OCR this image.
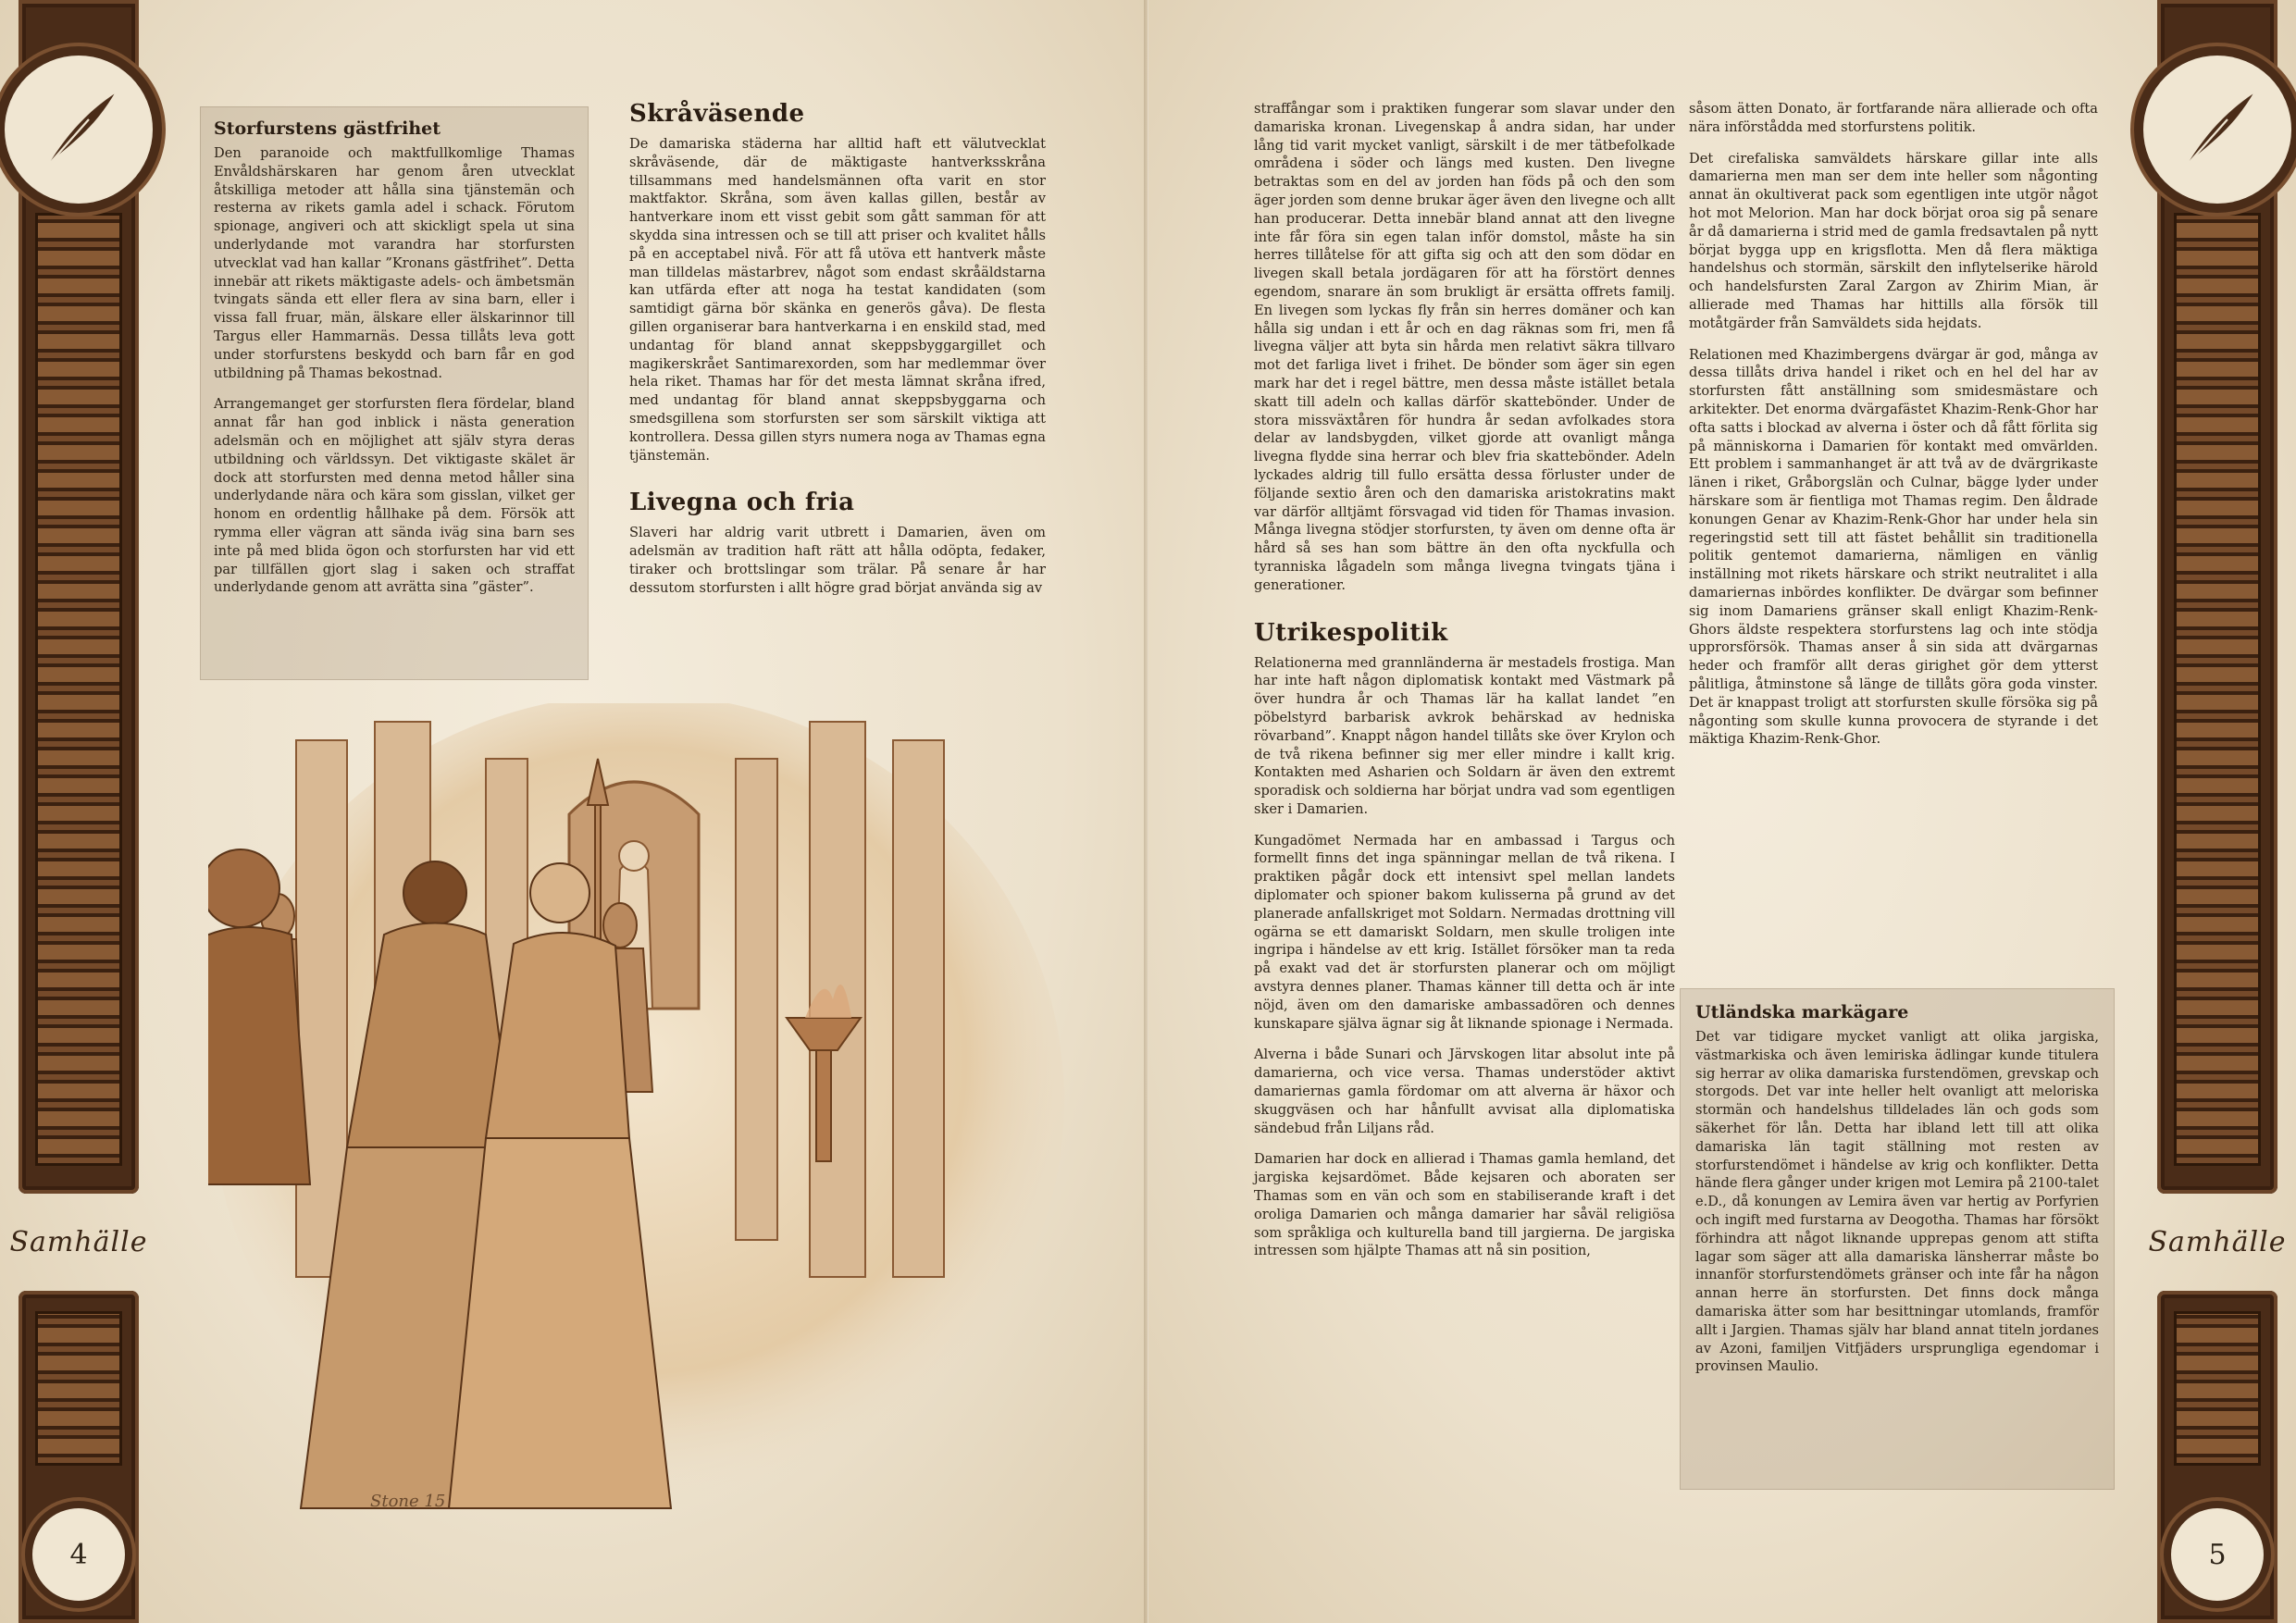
Samhälle
4
Storfurstens gästfrihet

Den paranoide och maktfullkomlige Thamas Envåldshärskaren har genom åren utvecklat åtskilliga metoder att hålla sina tjänstemän och resterna av rikets gamla adel i schack. Förutom spionage, angiveri och att skickligt spela ut sina underlydande mot varandra har storfursten utvecklat vad han kallar ”Kronans gästfrihet”. Detta innebär att rikets mäktigaste adels- och ämbetsmän tvingats sända ett eller flera av sina barn, eller i vissa fall fruar, män, älskare eller älskarinnor till Targus eller Hammarnäs. Dessa tillåts leva gott under storfurstens beskydd och barn får en god utbildning på Thamas bekostnad.

Arrangemanget ger storfursten flera fördelar, bland annat får han god inblick i nästa generation adelsmän och en möjlighet att själv styra deras utbildning och världssyn. Det viktigaste skälet är dock att storfursten med denna metod håller sina underlydande nära och kära som gisslan, vilket ger honom en ordentlig hållhake på dem. Försök att rymma eller vägran att sända iväg sina barn ses inte på med blida ögon och storfursten har vid ett par tillfällen gjort slag i saken och straffat underlydande genom att avrätta sina ”gäster”.

Skråväsende

De damariska städerna har alltid haft ett välutvecklat skråväsende, där de mäktigaste hantverksskråna tillsammans med handelsmännen ofta varit en stor maktfaktor. Skråna, som även kallas gillen, består av hantverkare inom ett visst gebit som gått samman för att skydda sina intressen och se till att priser och kvalitet hålls på en acceptabel nivå. För att få utöva ett hantverk måste man tilldelas mästarbrev, något som endast skråäldstarna kan utfärda efter att noga ha testat kandidaten (som samtidigt gärna bör skänka en generös gåva). De flesta gillen organiserar bara hantverkarna i en enskild stad, med undantag för bland annat skeppsbyggargillet och magikerskrået Santimarexorden, som har medlemmar över hela riket. Thamas har för det mesta lämnat skråna ifred, med undantag för bland annat skeppsbyggarna och smedsgillena som storfursten ser som särskilt viktiga att kontrollera. Dessa gillen styrs numera noga av Thamas egna tjänstemän.

Livegna och fria

Slaveri har aldrig varit utbrett i Damarien, även om adelsmän av tradition haft rätt att hålla odöpta, fedaker, tiraker och brottslingar som trälar. På senare år har dessutom storfursten i allt högre grad börjat använda sig av

Stone 15

straffångar som i praktiken fungerar som slavar under den damariska kronan. Livegenskap å andra sidan, har under lång tid varit mycket vanligt, särskilt i de mer tätbefolkade områdena i söder och längs med kusten. Den livegne betraktas som en del av jorden han föds på och den som äger jorden som denne brukar äger även den livegne och allt han producerar. Detta innebär bland annat att den livegne inte får föra sin egen talan inför domstol, måste ha sin herres tillåtelse för att gifta sig och att den som dödar en livegen skall betala jordägaren för att ha förstört dennes egendom, snarare än som brukligt är ersätta offrets familj. En livegen som lyckas fly från sin herres domäner och kan hålla sig undan i ett år och en dag räknas som fri, men få livegna väljer att byta sin hårda men relativt säkra tillvaro mot det farliga livet i frihet. De bönder som äger sin egen mark har det i regel bättre, men dessa måste istället betala skatt till adeln och kallas därför skattebönder. Under de stora missväxtåren för hundra år sedan avfolkades stora delar av landsbygden, vilket gjorde att ovanligt många livegna flydde sina herrar och blev fria skattebönder. Adeln lyckades aldrig till fullo ersätta dessa förluster under de följande sextio åren och den damariska aristokratins makt var därför alltjämt försvagad vid tiden för Thamas invasion. Många livegna stödjer storfursten, ty även om denne ofta är hård så ses han som bättre än den ofta nyckfulla och tyranniska lågadeln som många livegna tvingats tjäna i generationer.

Utrikespolitik

Relationerna med grannländerna är mestadels frostiga. Man har inte haft någon diplomatisk kontakt med Västmark på över hundra år och Thamas lär ha kallat landet ”en pöbelstyrd barbarisk avkrok behärskad av hedniska rövarband”. Knappt någon handel tillåts ske över Krylon och de två rikena befinner sig mer eller mindre i kallt krig. Kontakten med Asharien och Soldarn är även den extremt sporadisk och soldierna har börjat undra vad som egentligen sker i Damarien.

Kungadömet Nermada har en ambassad i Targus och formellt finns det inga spänningar mellan de två rikena. I praktiken pågår dock ett intensivt spel mellan landets diplomater och spioner bakom kulisserna på grund av det planerade anfallskriget mot Soldarn. Nermadas drottning vill ogärna se ett damariskt Soldarn, men skulle troligen inte ingripa i händelse av ett krig. Istället försöker man ta reda på exakt vad det är storfursten planerar och om möjligt avstyra dennes planer. Thamas känner till detta och är inte nöjd, även om den damariske ambassadören och dennes kunskapare själva ägnar sig åt liknande spionage i Nermada.

Alverna i både Sunari och Järvskogen litar absolut inte på damarierna, och vice versa. Thamas understöder aktivt damariernas gamla fördomar om att alverna är häxor och skuggväsen och har hånfullt avvisat alla diplomatiska sändebud från Liljans råd.

Damarien har dock en allierad i Thamas gamla hemland, det jargiska kejsardömet. Både kejsaren och aboraten ser Thamas som en vän och som en stabiliserande kraft i det oroliga Damarien och många damarier har såväl religiösa som språkliga och kulturella band till jargierna. De jargiska intressen som hjälpte Thamas att nå sin position,

såsom ätten Donato, är fortfarande nära allierade och ofta nära införstådda med storfurstens politik.

Det cirefaliska samväldets härskare gillar inte alls damarierna men man ser dem inte heller som någonting annat än okultiverat pack som egentligen inte utgör något hot mot Melorion. Man har dock börjat oroa sig på senare år då damarierna i strid med de gamla fredsavtalen på nytt börjat bygga upp en krigsflotta. Men då flera mäktiga handelshus och stormän, särskilt den inflytelserike härold och handelsfursten Zaral Zargon av Zhirim Mian, är allierade med Thamas har hittills alla försök till motåtgärder från Samväldets sida hejdats.

Relationen med Khazimbergens dvärgar är god, många av dessa tillåts driva handel i riket och en hel del har av storfursten fått anställning som smidesmästare och arkitekter. Det enorma dvärgafästet Khazim-Renk-Ghor har ofta satts i blockad av alverna i öster och då fått förlita sig på människorna i Damarien för kontakt med omvärlden. Ett problem i sammanhanget är att två av de dvärgrikaste länen i riket, Gråborgslän och Culnar, bägge lyder under härskare som är fientliga mot Thamas regim. Den åldrade konungen Genar av Khazim-Renk-Ghor har under hela sin regeringstid sett till att fästet behållit sin traditionella politik gentemot damarierna, nämligen en vänlig inställning mot rikets härskare och strikt neutralitet i alla damariernas inbördes konflikter. De dvärgar som befinner sig inom Damariens gränser skall enligt Khazim-Renk-Ghors äldste respektera storfurstens lag och inte stödja upprorsförsök. Thamas anser å sin sida att dvärgarnas heder och framför allt deras girighet gör dem ytterst pålitliga, åtminstone så länge de tillåts göra goda vinster. Det är knappast troligt att storfursten skulle försöka sig på någonting som skulle kunna provocera de styrande i det mäktiga Khazim-Renk-Ghor.

Utländska markägare

Det var tidigare mycket vanligt att olika jargiska, västmarkiska och även lemiriska ädlingar kunde titulera sig herrar av olika damariska furstendömen, grevskap och storgods. Det var inte heller helt ovanligt att meloriska stormän och handelshus tilldelades län och gods som säkerhet för lån. Detta har ibland lett till att olika damariska län tagit ställning mot resten av storfurstendömet i händelse av krig och konflikter. Detta hände flera gånger under krigen mot Lemira på 2100-talet e.D., då konungen av Lemira även var hertig av Porfyrien och ingift med furstarna av Deogotha. Thamas har försökt förhindra att något liknande upprepas genom att stifta lagar som säger att alla damariska länsherrar måste bo innanför storfurstendömets gränser och inte får ha någon annan herre än storfursten. Det finns dock många damariska ätter som har besittningar utomlands, framför allt i Jargien. Thamas själv har bland annat titeln jordanes av Azoni, familjen Vitfjäders ursprungliga egendomar i provinsen Maulio.

Samhälle
5
